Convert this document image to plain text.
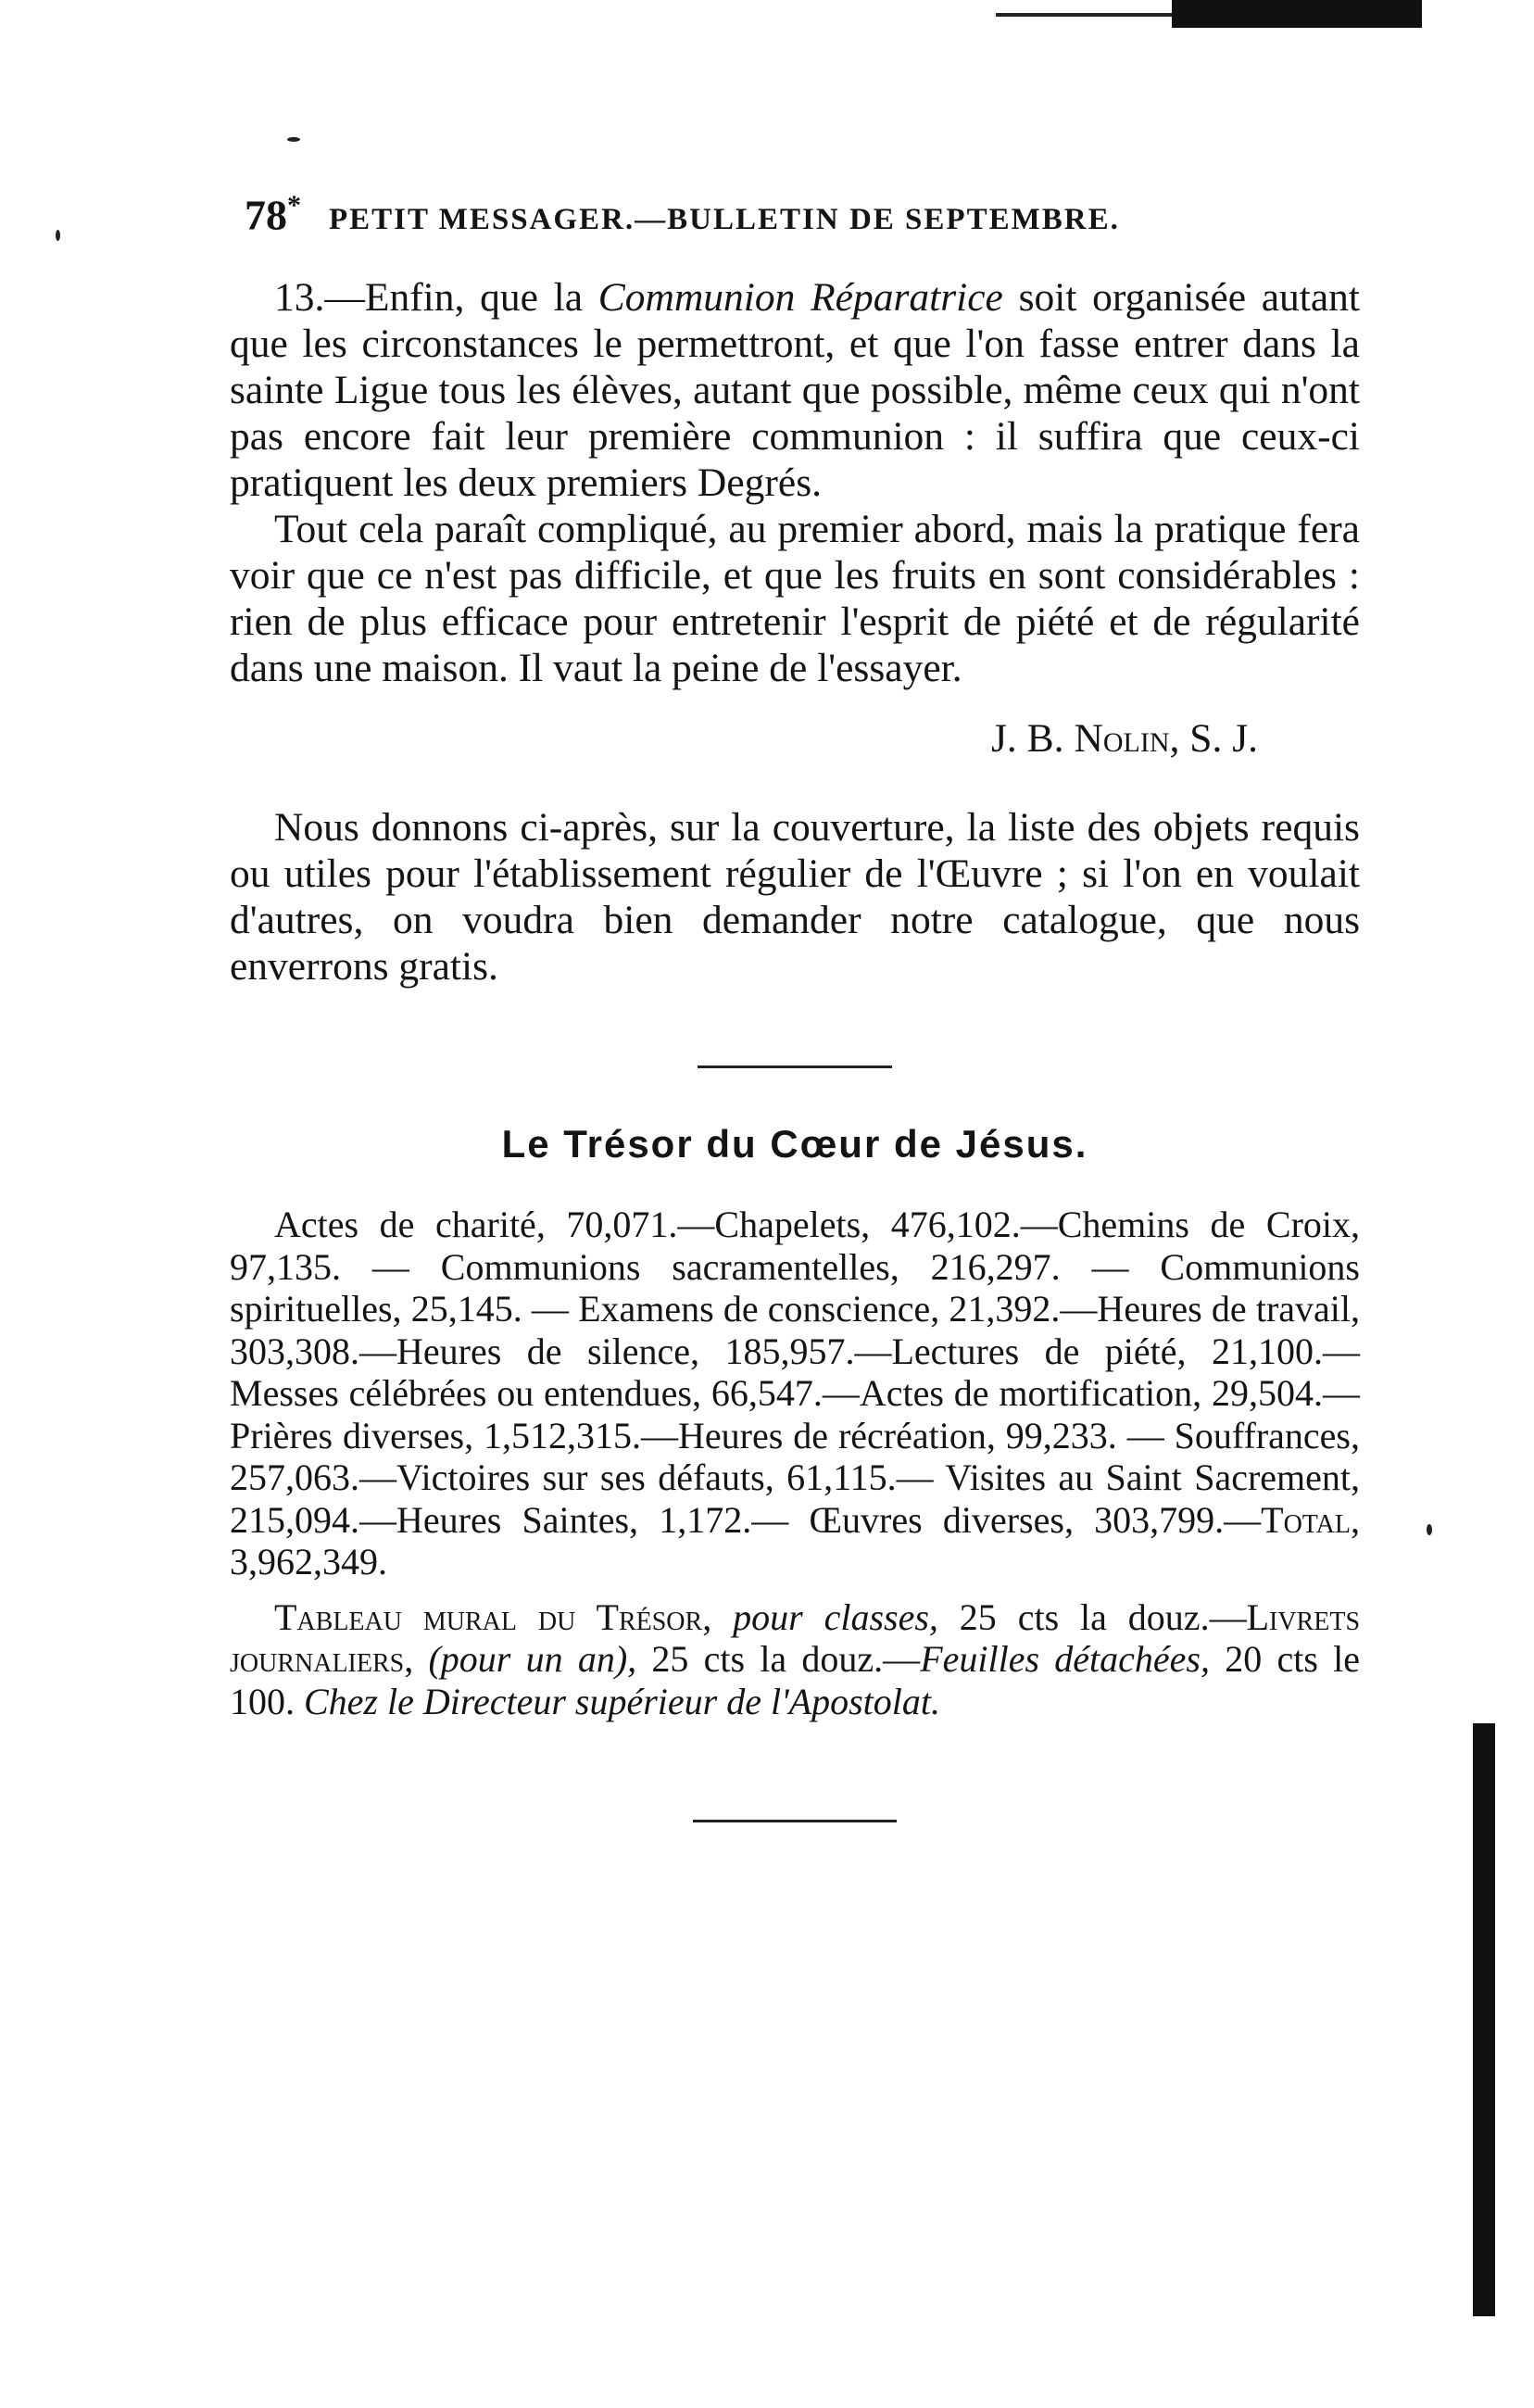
78* PETIT MESSAGER.—BULLETIN DE SEPTEMBRE.

13.—Enfin, que la Communion Réparatrice soit organisée autant que les circonstances le permettront, et que l'on fasse entrer dans la sainte Ligue tous les élèves, autant que possible, même ceux qui n'ont pas encore fait leur première communion : il suffira que ceux-ci pratiquent les deux premiers Degrés.

Tout cela paraît compliqué, au premier abord, mais la pratique fera voir que ce n'est pas difficile, et que les fruits en sont considérables : rien de plus efficace pour entretenir l'esprit de piété et de régularité dans une maison. Il vaut la peine de l'essayer.

J. B. Nolin, S. J.

Nous donnons ci-après, sur la couverture, la liste des objets requis ou utiles pour l'établissement régulier de l'Œuvre ; si l'on en voulait d'autres, on voudra bien demander notre catalogue, que nous enverrons gratis.

Le Trésor du Cœur de Jésus.

Actes de charité, 70,071.—Chapelets, 476,102.—Chemins de Croix, 97,135. — Communions sacramentelles, 216,297. — Communions spirituelles, 25,145. — Examens de conscience, 21,392.—Heures de travail, 303,308.—Heures de silence, 185,957.—Lectures de piété, 21,100.—Messes célébrées ou entendues, 66,547.—Actes de mortification, 29,504.—Prières diverses, 1,512,315.—Heures de récréation, 99,233. — Souffrances, 257,063.—Victoires sur ses défauts, 61,115.— Visites au Saint Sacrement, 215,094.—Heures Saintes, 1,172.— Œuvres diverses, 303,799.—Total, 3,962,349.

Tableau mural du Trésor, pour classes, 25 cts la douz.—Livrets journaliers, (pour un an), 25 cts la douz.—Feuilles détachées, 20 cts le 100. Chez le Directeur supérieur de l'Apostolat.
